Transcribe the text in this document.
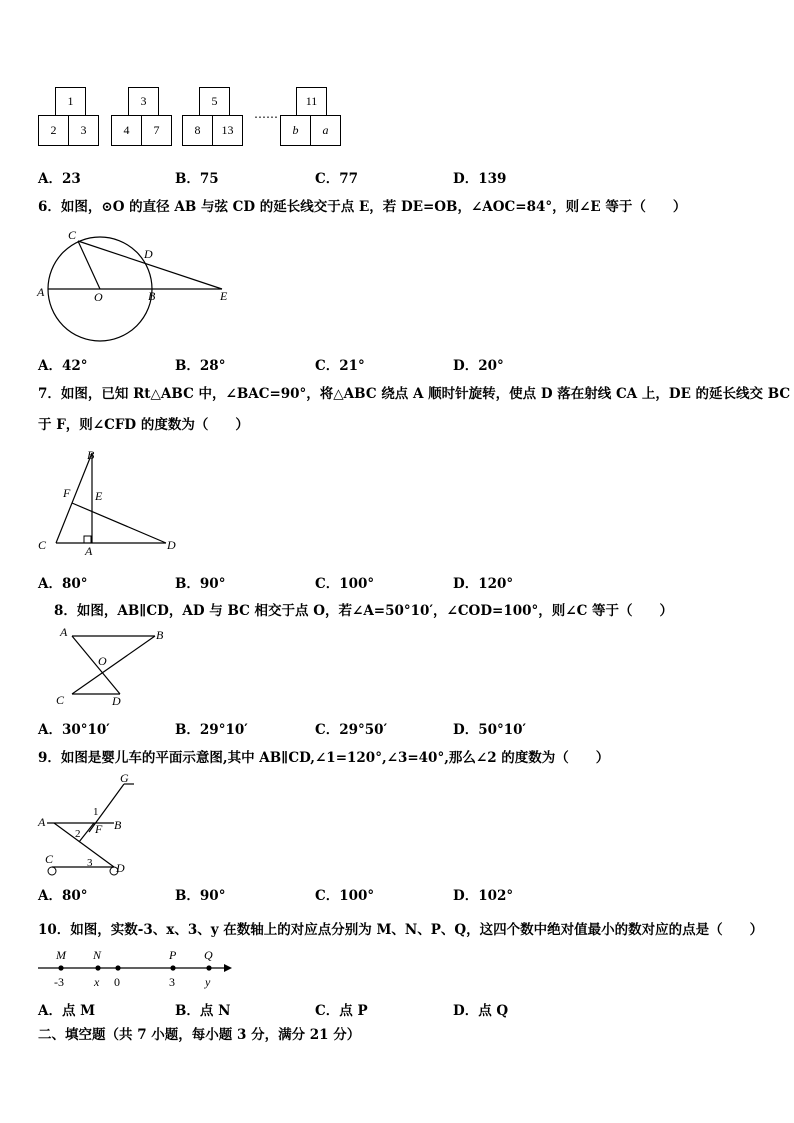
1
2	3
3
4	7
5
8	13
……
11
b	a
A．23	B．75	C．77	D．139
6．如图，⊙O 的直径 AB 与弦 CD 的延长线交于点 E，若 DE=OB，∠AOC=84°，则∠E 等于（　　）
C
D
A	O	B	E
A．42°	B．28°	C．21°	D．20°
7．如图，已知 Rt△ABC 中，∠BAC=90°，将△ABC 绕点 A 顺时针旋转，使点 D 落在射线 CA 上，DE 的延长线交 BC
于 F，则∠CFD 的度数为（　　）
B
F E
C	A	D
A．80°	B．90°	C．100°	D．120°
8．如图，AB∥CD，AD 与 BC 相交于点 O，若∠A=50°10′，∠COD=100°，则∠C 等于（　　）
A	B
O
C	D
A．30°10′	B．29°10′	C．29°50′	D．50°10′
9．如图是婴儿车的平面示意图,其中 AB∥CD,∠1=120°,∠3=40°,那么∠2 的度数为（　　）
G
1
A	F B
2
C	3 D
A．80°	B．90°	C．100°	D．102°
10．如图，实数-3、x、3、y 在数轴上的对应点分别为 M、N、P、Q，这四个数中绝对值最小的数对应的点是（　　）
M N	P Q
-3	x 0	3	y
A．点 M	B．点 N	C．点 P	D．点 Q
二、填空题（共 7 小题，每小题 3 分，满分 21 分）
